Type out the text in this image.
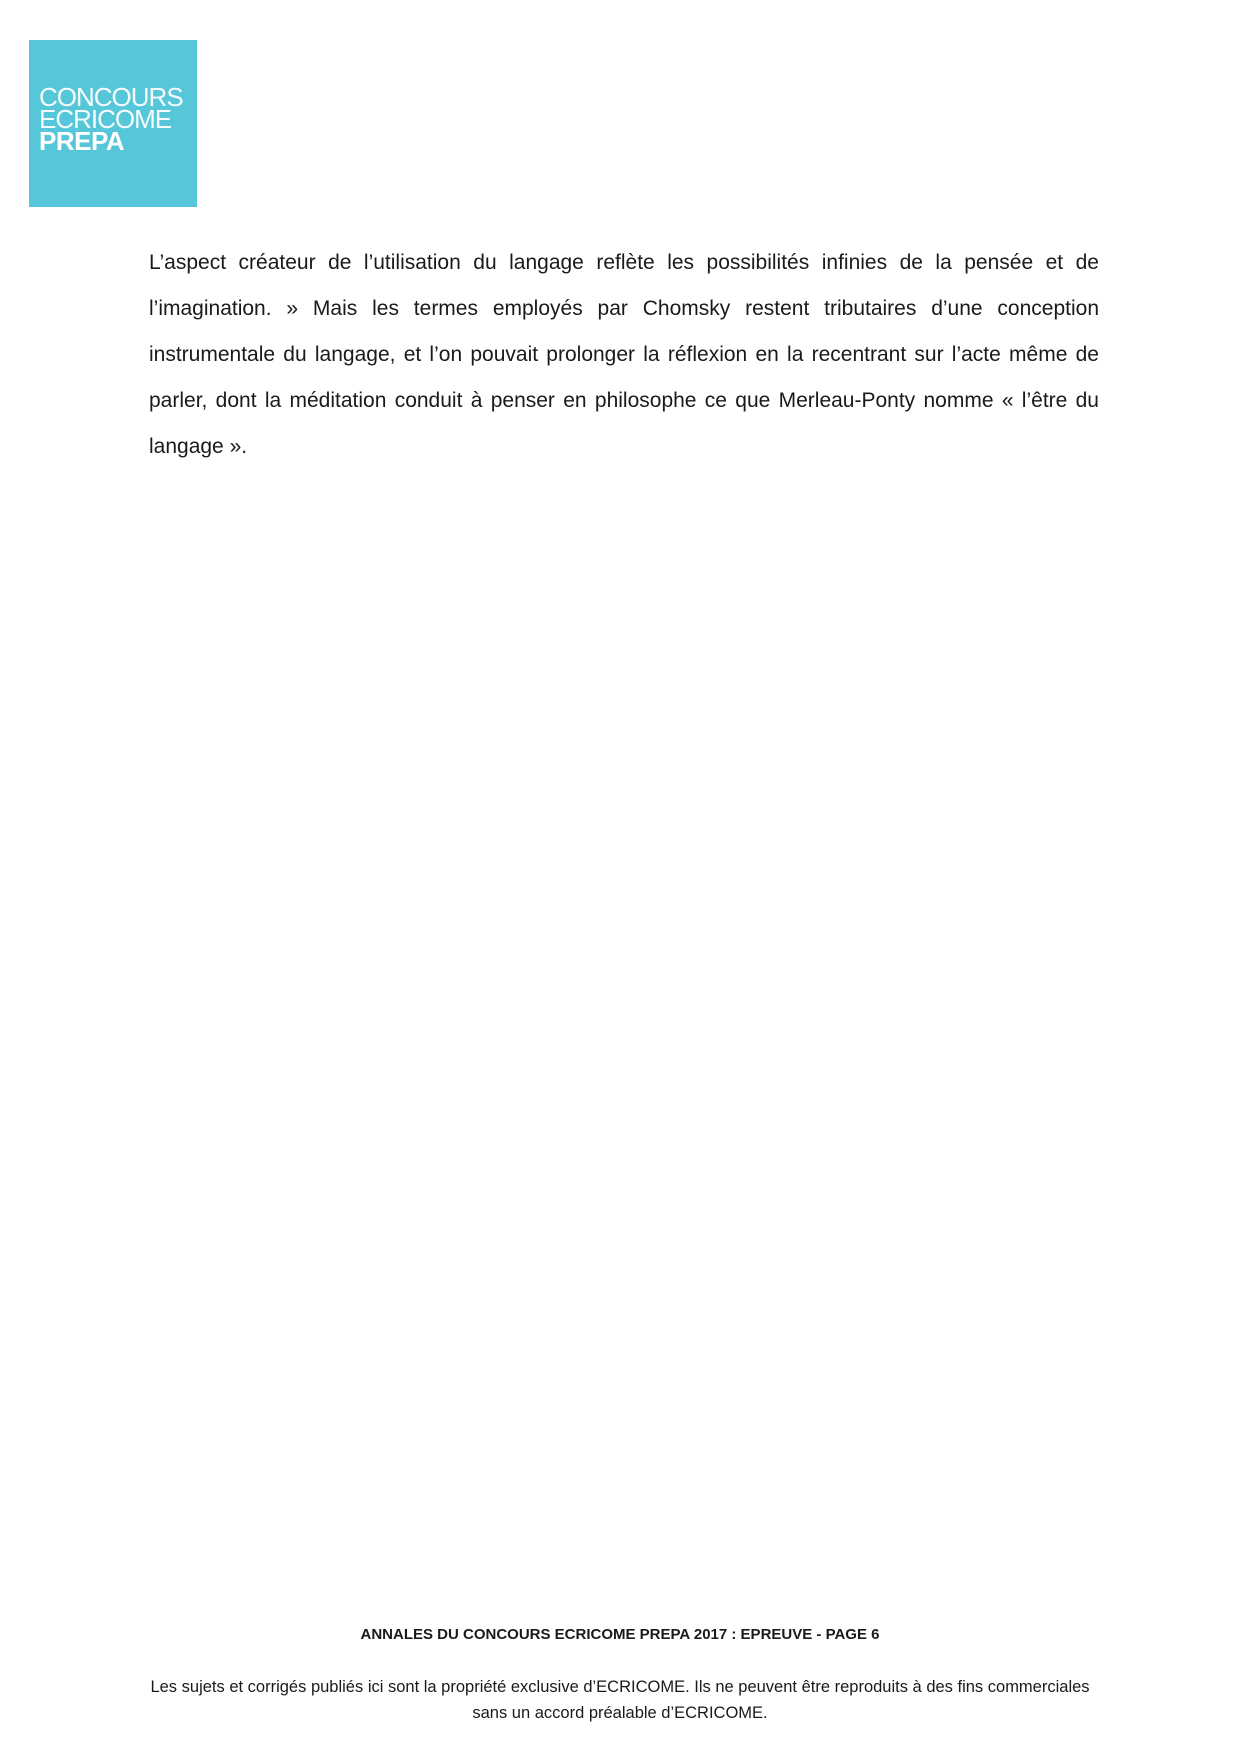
CONCOURS
ECRICOME
PREPA

L’aspect créateur de l’utilisation du langage reflète les possibilités infinies de la pensée et de l’imagination. » Mais les termes employés par Chomsky restent tributaires d’une conception instrumentale du langage, et l’on pouvait prolonger la réflexion en la recentrant sur l’acte même de parler, dont la méditation conduit à penser en philosophe ce que Merleau-Ponty nomme « l’être du langage ».

ANNALES DU CONCOURS ECRICOME PREPA 2017 : EPREUVE - PAGE 6

Les sujets et corrigés publiés ici sont la propriété exclusive d’ECRICOME. Ils ne peuvent être reproduits à des fins commerciales sans un accord préalable d’ECRICOME.
